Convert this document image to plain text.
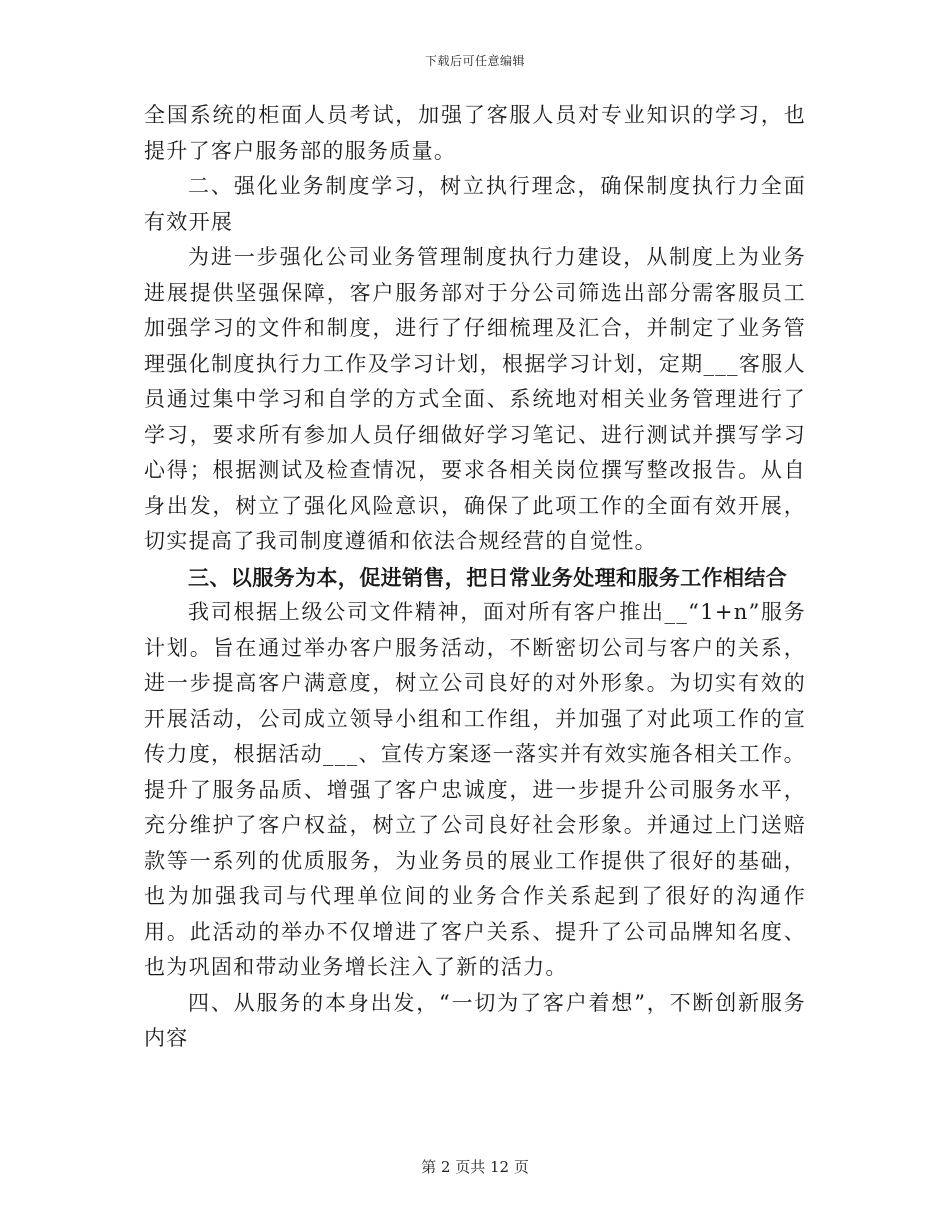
下载后可任意编辑

全国系统的柜面人员考试，加强了客服人员对专业知识的学习，也提升了客户服务部的服务质量。

二、强化业务制度学习，树立执行理念，确保制度执行力全面有效开展

为进一步强化公司业务管理制度执行力建设，从制度上为业务进展提供坚强保障，客户服务部对于分公司筛选出部分需客服员工加强学习的文件和制度，进行了仔细梳理及汇合，并制定了业务管理强化制度执行力工作及学习计划，根据学习计划，定期___客服人员通过集中学习和自学的方式全面、系统地对相关业务管理进行了学习，要求所有参加人员仔细做好学习笔记、进行测试并撰写学习心得；根据测试及检查情况，要求各相关岗位撰写整改报告。从自身出发，树立了强化风险意识，确保了此项工作的全面有效开展，切实提高了我司制度遵循和依法合规经营的自觉性。

三、以服务为本，促进销售，把日常业务处理和服务工作相结合

我司根据上级公司文件精神，面对所有客户推出__“1+n”服务计划。旨在通过举办客户服务活动，不断密切公司与客户的关系，进一步提高客户满意度，树立公司良好的对外形象。为切实有效的开展活动，公司成立领导小组和工作组，并加强了对此项工作的宣传力度，根据活动___、宣传方案逐一落实并有效实施各相关工作。提升了服务品质、增强了客户忠诚度，进一步提升公司服务水平，充分维护了客户权益，树立了公司良好社会形象。并通过上门送赔款等一系列的优质服务，为业务员的展业工作提供了很好的基础，也为加强我司与代理单位间的业务合作关系起到了很好的沟通作用。此活动的举办不仅增进了客户关系、提升了公司品牌知名度、也为巩固和带动业务增长注入了新的活力。

四、从服务的本身出发，“一切为了客户着想”，不断创新服务内容

第 2 页共 12 页
